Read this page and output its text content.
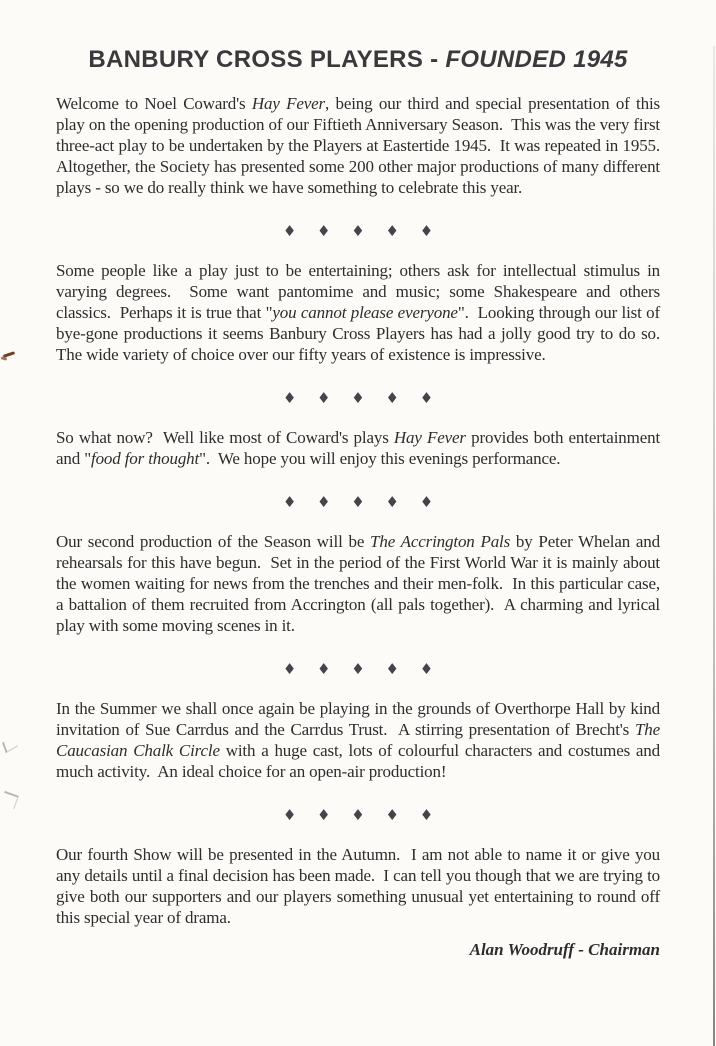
BANBURY CROSS PLAYERS - FOUNDED 1945

Welcome to Noel Coward's Hay Fever, being our third and special presentation of this play on the opening production of our Fiftieth Anniversary Season.  This was the very first three-act play to be undertaken by the Players at Eastertide 1945.  It was repeated in 1955.  Altogether, the Society has presented some 200 other major productions of many different plays - so we do really think we have something to celebrate this year.

♦ ♦ ♦ ♦ ♦

Some people like a play just to be entertaining; others ask for intellectual stimulus in varying degrees.  Some want pantomime and music; some Shakespeare and others classics.  Perhaps it is true that "you cannot please everyone".  Looking through our list of bye-gone productions it seems Banbury Cross Players has had a jolly good try to do so.  The wide variety of choice over our fifty years of existence is impressive.

♦ ♦ ♦ ♦ ♦

So what now?  Well like most of Coward's plays Hay Fever provides both entertainment and "food for thought".  We hope you will enjoy this evenings performance.

♦ ♦ ♦ ♦ ♦

Our second production of the Season will be The Accrington Pals by Peter Whelan and rehearsals for this have begun.  Set in the period of the First World War it is mainly about the women waiting for news from the trenches and their men-folk.  In this particular case, a battalion of them recruited from Accrington (all pals together).  A charming and lyrical play with some moving scenes in it.

♦ ♦ ♦ ♦ ♦

In the Summer we shall once again be playing in the grounds of Overthorpe Hall by kind invitation of Sue Carrdus and the Carrdus Trust.  A stirring presentation of Brecht's The Caucasian Chalk Circle with a huge cast, lots of colourful characters and costumes and much activity.  An ideal choice for an open-air production!

♦ ♦ ♦ ♦ ♦

Our fourth Show will be presented in the Autumn.  I am not able to name it or give you any details until a final decision has been made.  I can tell you though that we are trying to give both our supporters and our players something unusual yet entertaining to round off this special year of drama.

Alan Woodruff - Chairman
